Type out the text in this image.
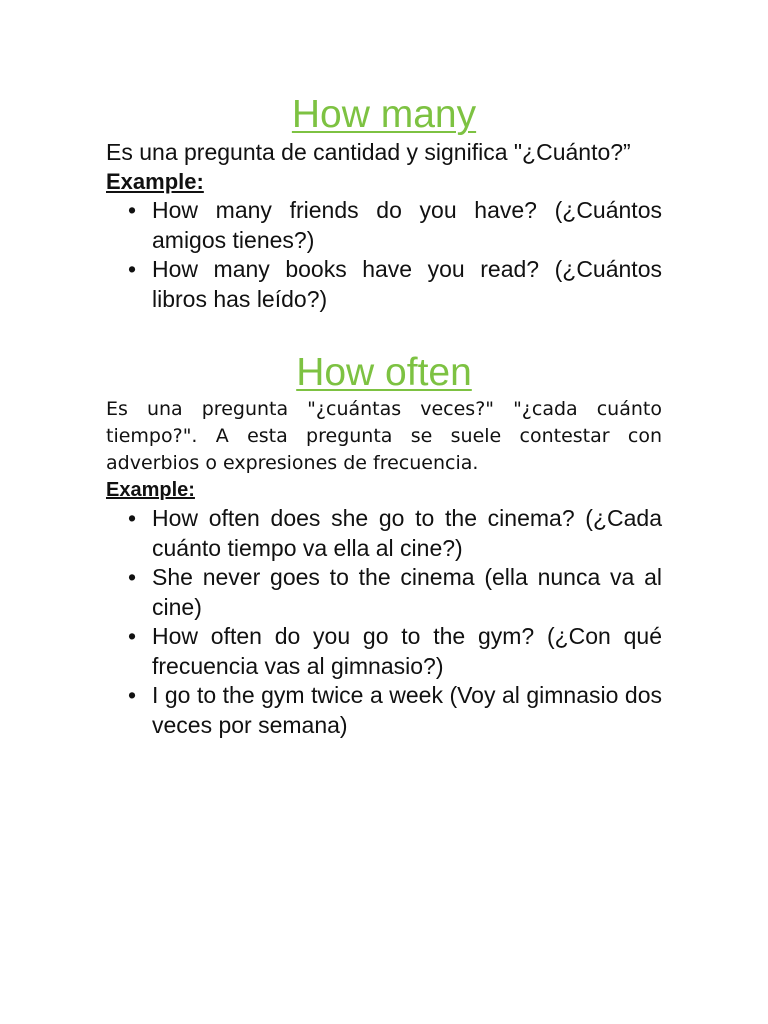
How many

Es una pregunta de cantidad y significa "¿Cuánto?”

Example:

• How many friends do you have? (¿Cuántos amigos tienes?)
• How many books have you read? (¿Cuántos libros has leído?)
How often

Es una pregunta "¿cuántas veces?" "¿cada cuánto tiempo?". A esta pregunta se suele contestar con adverbios o expresiones de frecuencia.

Example:

• How often does she go to the cinema? (¿Cada cuánto tiempo va ella al cine?)
• She never goes to the cinema (ella nunca va al cine)
• How often do you go to the gym? (¿Con qué frecuencia vas al gimnasio?)
• I go to the gym twice a week (Voy al gimnasio dos veces por semana)
